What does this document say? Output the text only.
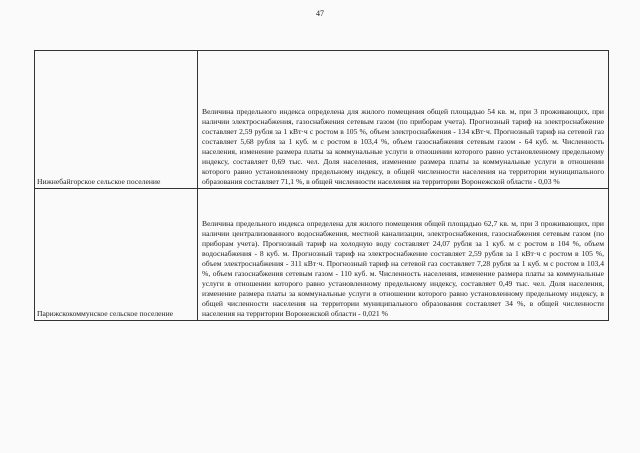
47
Нижнебайгорское сельское поселение	Величина предельного индекса определена для жилого помещения общей площадью 54 кв. м, при 3 проживающих, при наличии электроснабжения, газоснабжения сетевым газом (по приборам учета). Прогнозный тариф на электроснабжение составляет 2,59 рубля за 1 кВт·ч с ростом в 105 %, объем электроснабжения - 134 кВт·ч. Прогнозный тариф на сетевой газ составляет 5,68 рубля за 1 куб. м с ростом в 103,4 %, объем газоснабжения сетевым газом - 64 куб. м. Численность населения, изменение размера платы за коммунальные услуги в отношении которого равно установленному предельному индексу, составляет 0,69 тыс. чел. Доля населения, изменение размера платы за коммунальные услуги в отношении которого равно установленному предельному индексу, в общей численности населения на территории муниципального образования составляет 71,1 %, в общей численности населения на территории Воронежской области - 0,03 %
Парижскокоммунское сельское поселение	Величина предельного индекса определена для жилого помещения общей площадью 62,7 кв. м, при 3 проживающих, при наличии централизованного водоснабжения, местной канализации, электроснабжения, газоснабжения сетевым газом (по приборам учета). Прогнозный тариф на холодную воду составляет 24,07 рубля за 1 куб. м с ростом в 104 %, объем водоснабжения - 8 куб. м. Прогнозный тариф на электроснабжение составляет 2,59 рубля за 1 кВт·ч с ростом в 105 %, объем электроснабжения - 311 кВт·ч. Прогнозный тариф на сетевой газ составляет 7,28 рубля за 1 куб. м с ростом в 103,4 %, объем газоснабжения сетевым газом - 110 куб. м. Численность населения, изменение размера платы за коммунальные услуги в отношении которого равно установленному предельному индексу, составляет 0,49 тыс. чел. Доля населения, изменение размера платы за коммунальные услуги в отношении которого равно установленному предельному индексу, в общей численности населения на территории муниципального образования составляет 34 %, в общей численности населения на территории Воронежской области - 0,021 %
